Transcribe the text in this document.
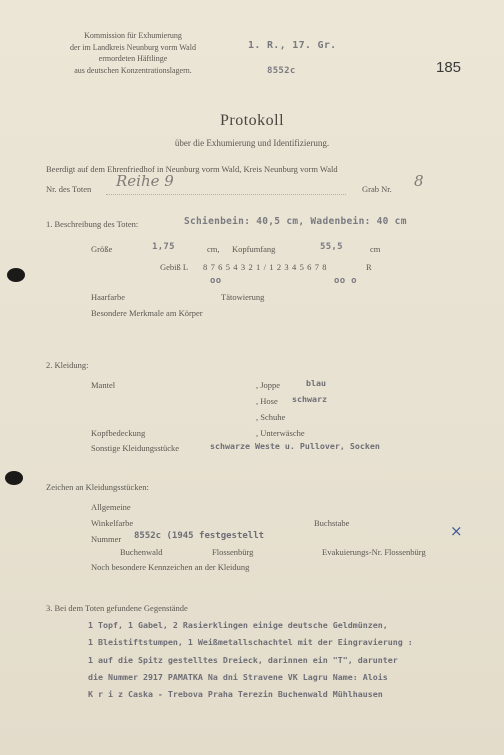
Kommission für Exhumierung
der im Landkreis Neunburg vorm Wald
ermordeten Häftlinge
aus deutschen Konzentrationslagern.
1. R., 17. Gr.
8552c	185
Protokoll
über die Exhumierung und Identifizierung.
Beerdigt auf dem Ehrenfriedhof in Neunburg vorm Wald, Kreis Neunburg vorm Wald
Nr. des Toten Reihe 9	Grab Nr. 8
1. Beschreibung des Toten:	Schienbein: 40,5 cm, Wadenbein: 40 cm
Größe	1,75	cm, Kopfumfang	55,5	cm
Gebiß L 8 7 6 5 4 3 2 1 / 1 2 3 4 5 6 7 8	R
oo	oo o
Haarfarbe	Tätowierung
Besondere Merkmale am Körper
2. Kleidung:
Mantel	, Joppe	blau
, Hose schwarz
, Schuhe
Kopfbedeckung	, Unterwäsche
Sonstige Kleidungsstücke	schwarze Weste u. Pullover, Socken
Zeichen an Kleidungsstücken:
Allgemeine
Winkelfarbe	Buchstabe	×
Nummer 8552c (1945 festgestellt
Buchenwald	Flossenbürg	Evakuierungs-Nr. Flossenbürg
Noch besondere Kennzeichen an der Kleidung
3. Bei dem Toten gefundene Gegenstände
1 Topf, 1 Gabel, 2 Rasierklingen einige deutsche Geldmünzen,
1 Bleistiftstumpen, 1 Weißmetallschachtel mit der Eingravierung :
1 auf die Spitz gestelltes Dreieck, darinnen ein "T", darunter
die Nummer 2917 PAMATKA Na dni Stravene VK Lagru Name: Alois
K r i z Caska - Trebova Praha Terezin Buchenwald Mühlhausen
